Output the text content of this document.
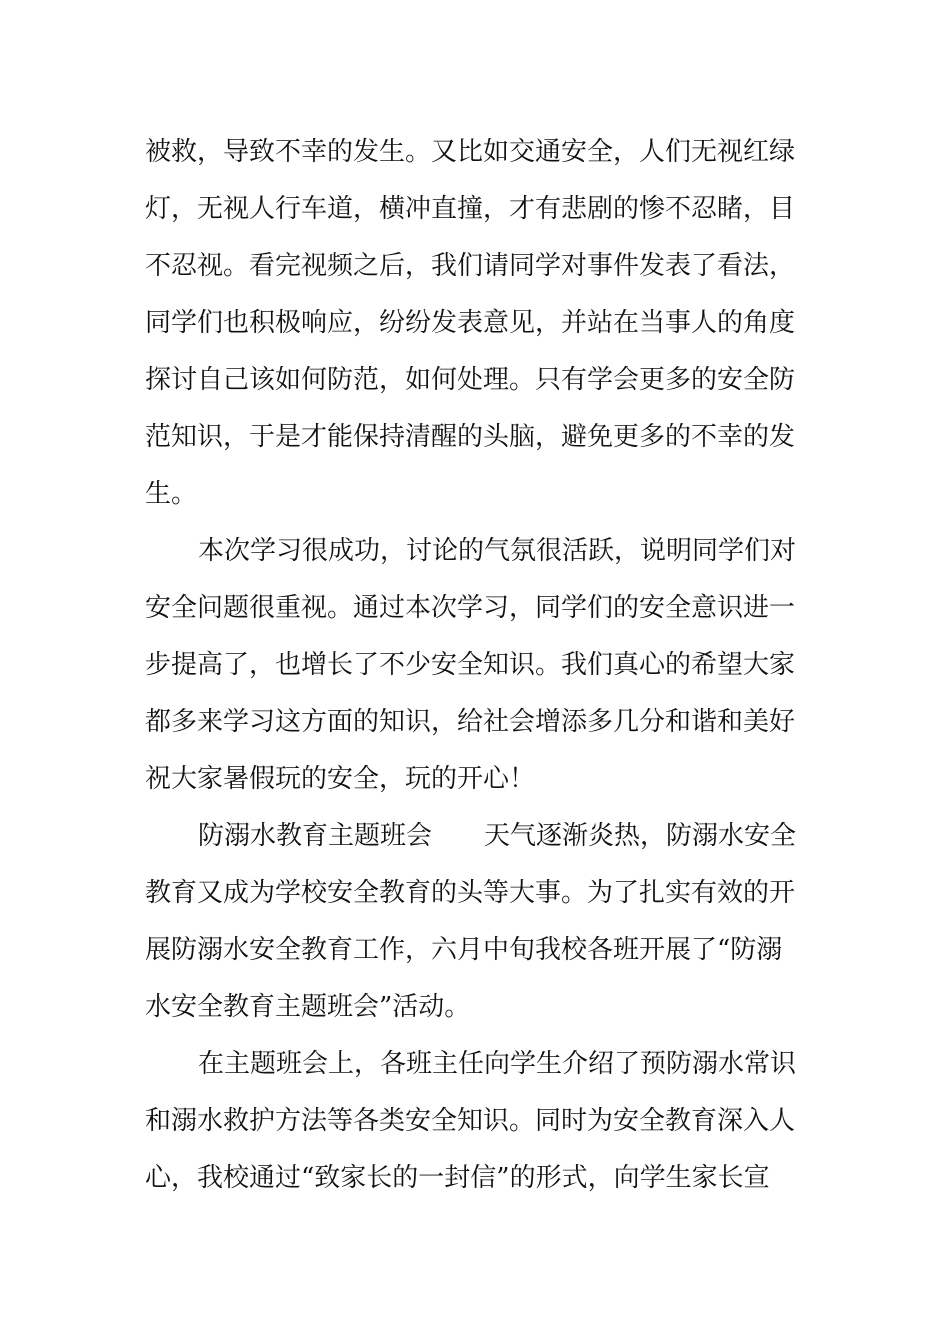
被救，导致不幸的发生。又比如交通安全，人们无视红绿
灯，无视人行车道，横冲直撞，才有悲剧的惨不忍睹，目
不忍视。看完视频之后，我们请同学对事件发表了看法，
同学们也积极响应，纷纷发表意见，并站在当事人的角度
探讨自己该如何防范，如何处理。只有学会更多的安全防
范知识，于是才能保持清醒的头脑，避免更多的不幸的发
生。
本次学习很成功，讨论的气氛很活跃，说明同学们对
安全问题很重视。通过本次学习，同学们的安全意识进一
步提高了，也增长了不少安全知识。我们真心的希望大家
都多来学习这方面的知识，给社会增添多几分和谐和美好
祝大家暑假玩的安全，玩的开心！
防溺水教育主题班会　　天气逐渐炎热，防溺水安全
教育又成为学校安全教育的头等大事。为了扎实有效的开
展防溺水安全教育工作，六月中旬我校各班开展了“防溺
水安全教育主题班会”活动。
在主题班会上，各班主任向学生介绍了预防溺水常识
和溺水救护方法等各类安全知识。同时为安全教育深入人
心，我校通过“致家长的一封信”的形式，向学生家长宣
